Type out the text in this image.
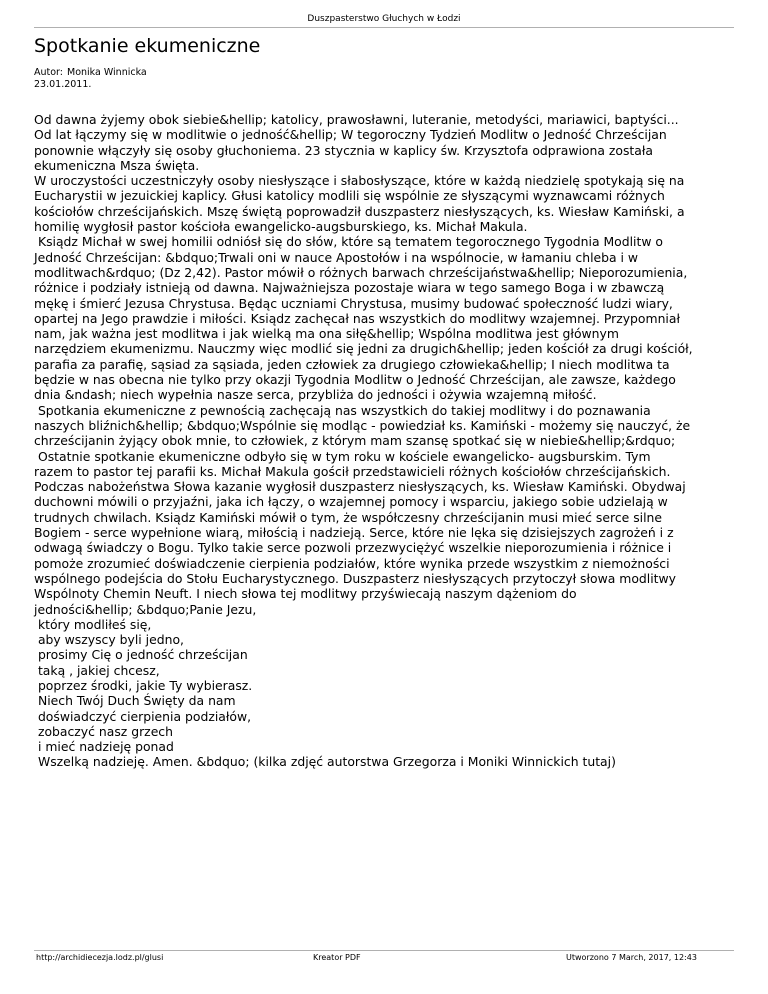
Duszpasterstwo Głuchych w Łodzi
Spotkanie ekumeniczne
Autor: Monika Winnicka
23.01.2011.
Od dawna żyjemy obok siebie&hellip; katolicy, prawosławni, luteranie, metodyści, mariawici, baptyści...
Od lat łączymy się w modlitwie o jedność&hellip; W tegoroczny Tydzień Modlitw o Jedność Chrześcijan
ponownie włączyły się osoby głuchoniema. 23 stycznia w kaplicy św. Krzysztofa odprawiona została
ekumeniczna Msza święta.
W uroczystości uczestniczyły osoby niesłyszące i słabosłyszące, które w każdą niedzielę spotykają się na
Eucharystii w jezuickiej kaplicy. Głusi katolicy modlili się wspólnie ze słyszącymi wyznawcami różnych
kościołów chrześcijańskich. Mszę świętą poprowadził duszpasterz niesłyszących, ks. Wiesław Kamiński, a
homilię wygłosił pastor kościoła ewangelicko-augsburskiego, ks. Michał Makula.
Ksiądz Michał w swej homilii odniósł się do słów, które są tematem tegorocznego Tygodnia Modlitw o
Jedność Chrześcijan: &bdquo;Trwali oni w nauce Apostołów i na wspólnocie, w łamaniu chleba i w
modlitwach&rdquo; (Dz 2,42). Pastor mówił o różnych barwach chrześcijaństwa&hellip; Nieporozumienia,
różnice i podziały istnieją od dawna. Najważniejsza pozostaje wiara w tego samego Boga i w zbawczą
mękę i śmierć Jezusa Chrystusa. Będąc uczniami Chrystusa, musimy budować społeczność ludzi wiary,
opartej na Jego prawdzie i miłości. Ksiądz zachęcał nas wszystkich do modlitwy wzajemnej. Przypomniał
nam, jak ważna jest modlitwa i jak wielką ma ona siłę&hellip; Wspólna modlitwa jest głównym
narzędziem ekumenizmu. Nauczmy więc modlić się jedni za drugich&hellip; jeden kościół za drugi kościół,
parafia za parafię, sąsiad za sąsiada, jeden człowiek za drugiego człowieka&hellip; I niech modlitwa ta
będzie w nas obecna nie tylko przy okazji Tygodnia Modlitw o Jedność Chrześcijan, ale zawsze, każdego
dnia &ndash; niech wypełnia nasze serca, przybliża do jedności i ożywia wzajemną miłość.
Spotkania ekumeniczne z pewnością zachęcają nas wszystkich do takiej modlitwy i do poznawania
naszych bliźnich&hellip; &bdquo;Wspólnie się modląc - powiedział ks. Kamiński - możemy się nauczyć, że
chrześcijanin żyjący obok mnie, to człowiek, z którym mam szansę spotkać się w niebie&hellip;&rdquo;
Ostatnie spotkanie ekumeniczne odbyło się w tym roku w kościele ewangelicko- augsburskim. Tym
razem to pastor tej parafii ks. Michał Makula gościł przedstawicieli różnych kościołów chrześcijańskich.
Podczas nabożeństwa Słowa kazanie wygłosił duszpasterz niesłyszących, ks. Wiesław Kamiński. Obydwaj
duchowni mówili o przyjaźni, jaka ich łączy, o wzajemnej pomocy i wsparciu, jakiego sobie udzielają w
trudnych chwilach. Ksiądz Kamiński mówił o tym, że współczesny chrześcijanin musi mieć serce silne
Bogiem - serce wypełnione wiarą, miłością i nadzieją. Serce, które nie lęka się dzisiejszych zagrożeń i z
odwagą świadczy o Bogu. Tylko takie serce pozwoli przezwyciężyć wszelkie nieporozumienia i różnice i
pomoże zrozumieć doświadczenie cierpienia podziałów, które wynika przede wszystkim z niemożności
wspólnego podejścia do Stołu Eucharystycznego. Duszpasterz niesłyszących przytoczył słowa modlitwy
Wspólnoty Chemin Neuft. I niech słowa tej modlitwy przyświecają naszym dążeniom do
jedności&hellip; &bdquo;Panie Jezu,
który modliłeś się,
aby wszyscy byli jedno,
prosimy Cię o jedność chrześcijan
taką , jakiej chcesz,
poprzez środki, jakie Ty wybierasz.
Niech Twój Duch Święty da nam
doświadczyć cierpienia podziałów,
zobaczyć nasz grzech
i mieć nadzieję ponad
Wszelką nadzieję. Amen. &bdquo; (kilka zdjęć autorstwa Grzegorza i Moniki Winnickich tutaj)
http://archidiecezja.lodz.pl/glusi	Kreator PDF	Utworzono 7 March, 2017, 12:43
